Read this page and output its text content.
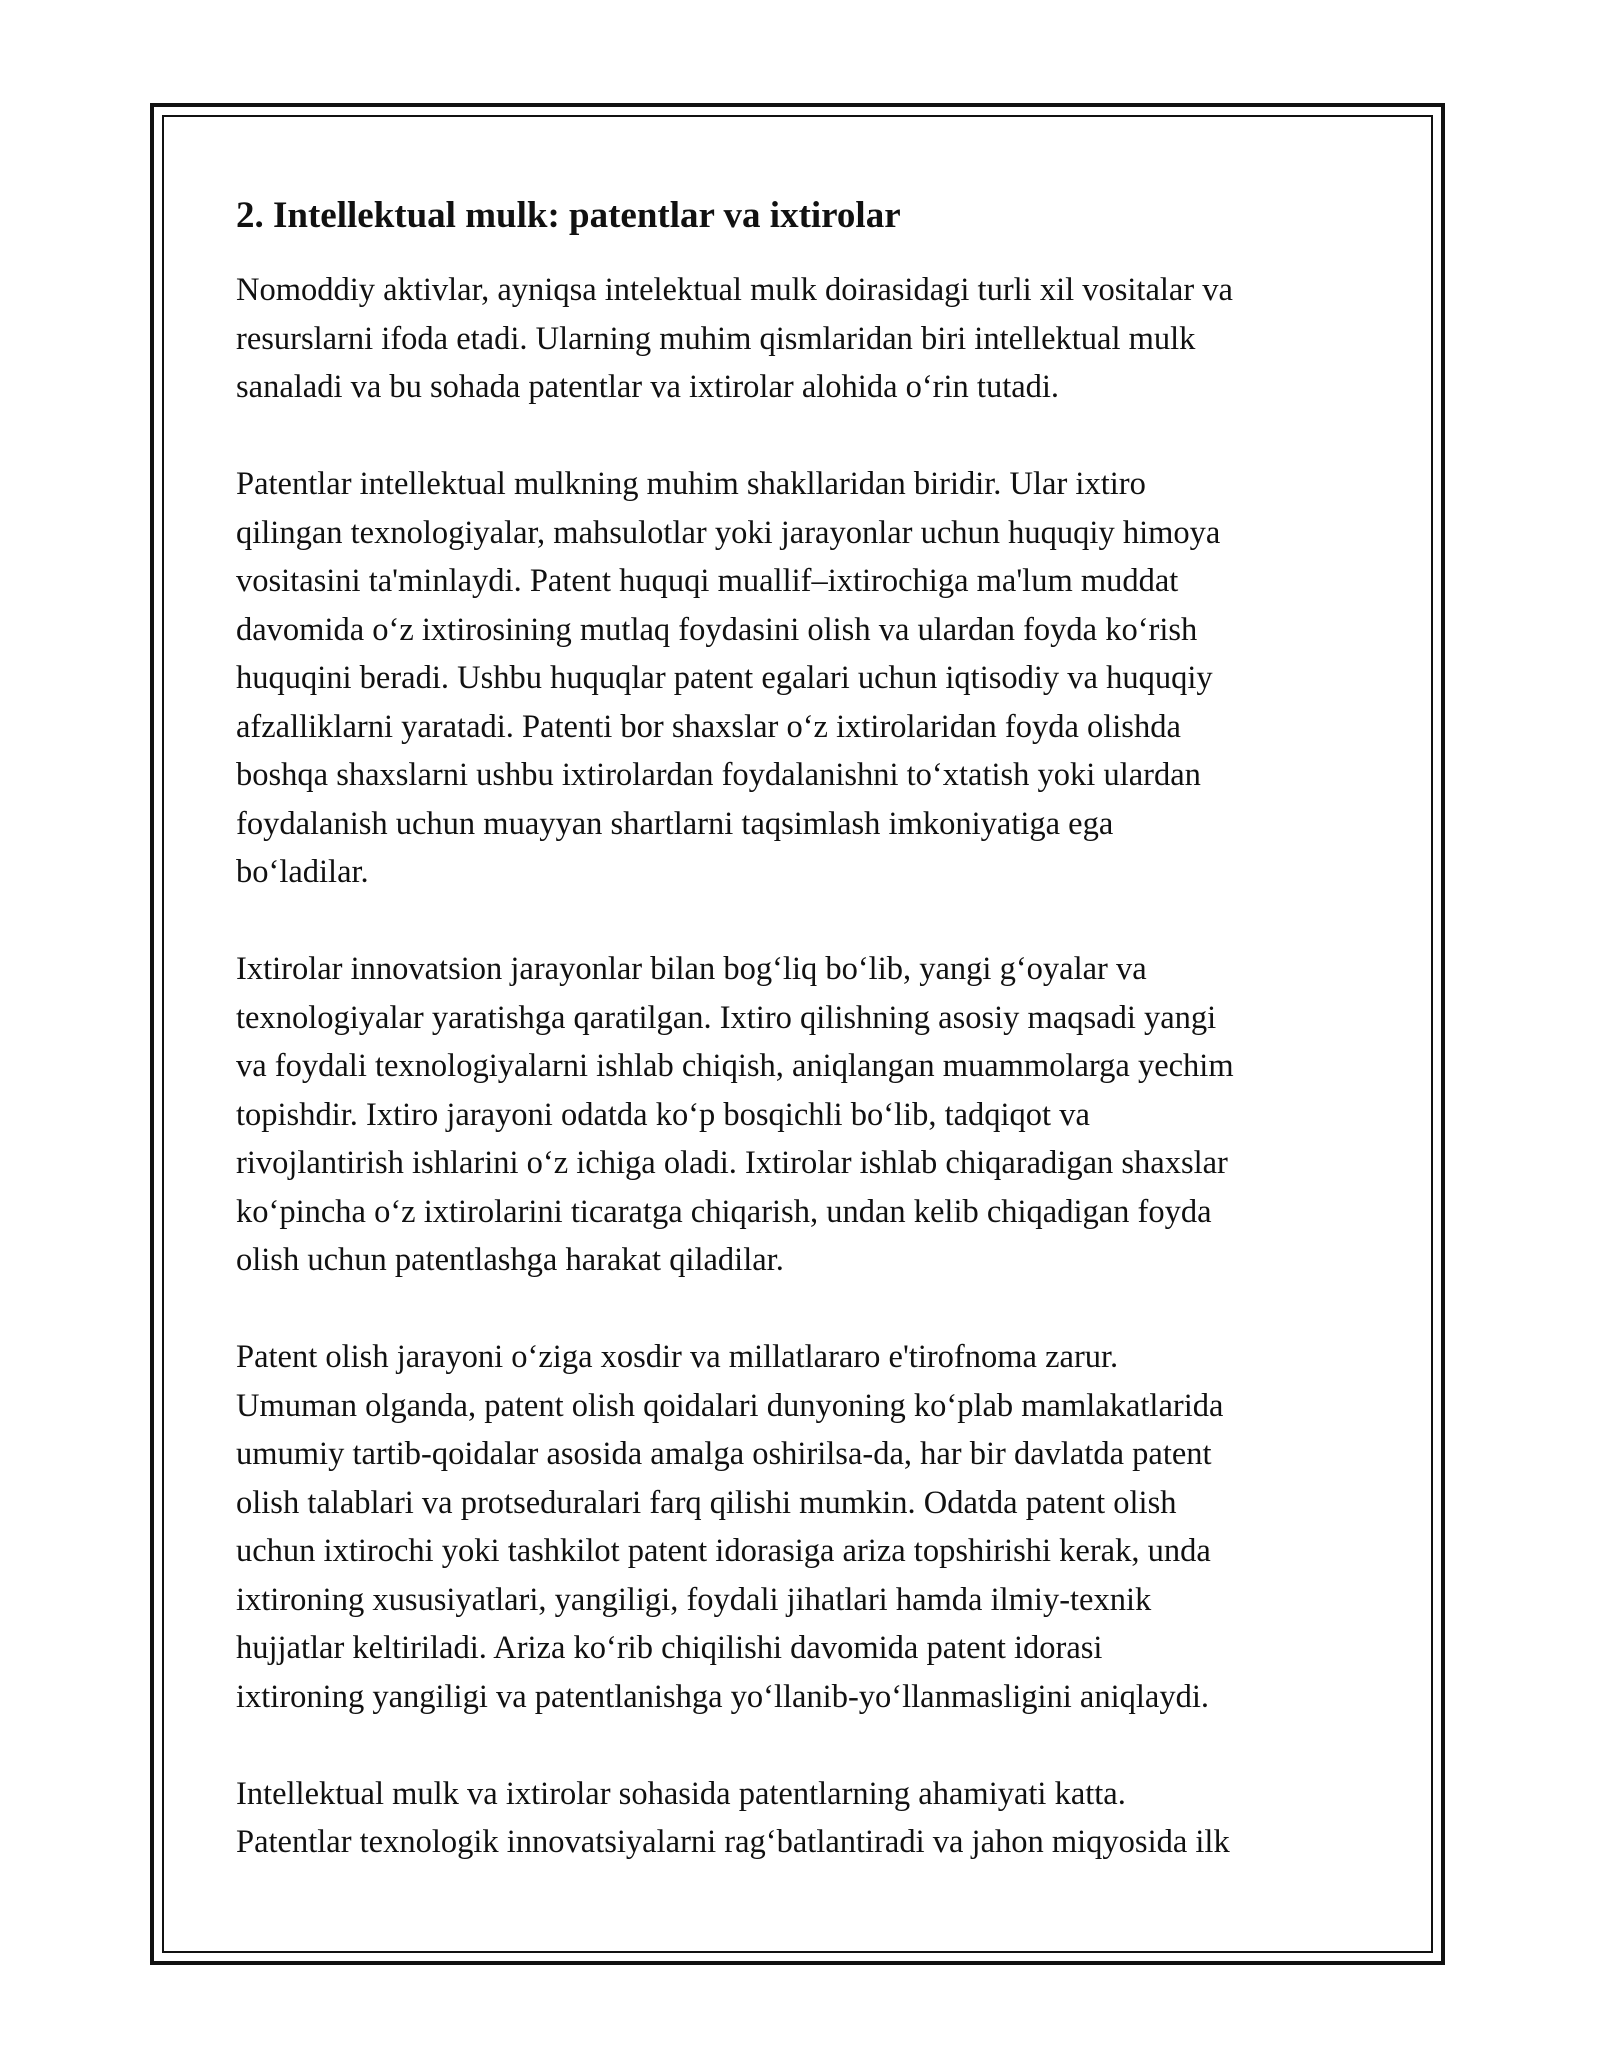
2. Intellektual mulk: patentlar va ixtirolar
Nomoddiy aktivlar, ayniqsa intelektual mulk doirasidagi turli xil vositalar va
resurslarni ifoda etadi. Ularning muhim qismlaridan biri intellektual mulk
sanaladi va bu sohada patentlar va ixtirolar alohida o‘rin tutadi.
Patentlar intellektual mulkning muhim shakllaridan biridir. Ular ixtiro
qilingan texnologiyalar, mahsulotlar yoki jarayonlar uchun huquqiy himoya
vositasini ta'minlaydi. Patent huquqi muallif–ixtirochiga ma'lum muddat
davomida o‘z ixtirosining mutlaq foydasini olish va ulardan foyda ko‘rish
huquqini beradi. Ushbu huquqlar patent egalari uchun iqtisodiy va huquqiy
afzalliklarni yaratadi. Patenti bor shaxslar o‘z ixtirolaridan foyda olishda
boshqa shaxslarni ushbu ixtirolardan foydalanishni to‘xtatish yoki ulardan
foydalanish uchun muayyan shartlarni taqsimlash imkoniyatiga ega
bo‘ladilar.
Ixtirolar innovatsion jarayonlar bilan bog‘liq bo‘lib, yangi g‘oyalar va
texnologiyalar yaratishga qaratilgan. Ixtiro qilishning asosiy maqsadi yangi
va foydali texnologiyalarni ishlab chiqish, aniqlangan muammolarga yechim
topishdir. Ixtiro jarayoni odatda ko‘p bosqichli bo‘lib, tadqiqot va
rivojlantirish ishlarini o‘z ichiga oladi. Ixtirolar ishlab chiqaradigan shaxslar
ko‘pincha o‘z ixtirolarini ticaratga chiqarish, undan kelib chiqadigan foyda
olish uchun patentlashga harakat qiladilar.
Patent olish jarayoni o‘ziga xosdir va millatlararo e'tirofnoma zarur.
Umuman olganda, patent olish qoidalari dunyoning ko‘plab mamlakatlarida
umumiy tartib-qoidalar asosida amalga oshirilsa-da, har bir davlatda patent
olish talablari va protseduralari farq qilishi mumkin. Odatda patent olish
uchun ixtirochi yoki tashkilot patent idorasiga ariza topshirishi kerak, unda
ixtironing xususiyatlari, yangiligi, foydali jihatlari hamda ilmiy-texnik
hujjatlar keltiriladi. Ariza ko‘rib chiqilishi davomida patent idorasi
ixtironing yangiligi va patentlanishga yo‘llanib-yo‘llanmasligini aniqlaydi.
Intellektual mulk va ixtirolar sohasida patentlarning ahamiyati katta.
Patentlar texnologik innovatsiyalarni rag‘batlantiradi va jahon miqyosida ilk
